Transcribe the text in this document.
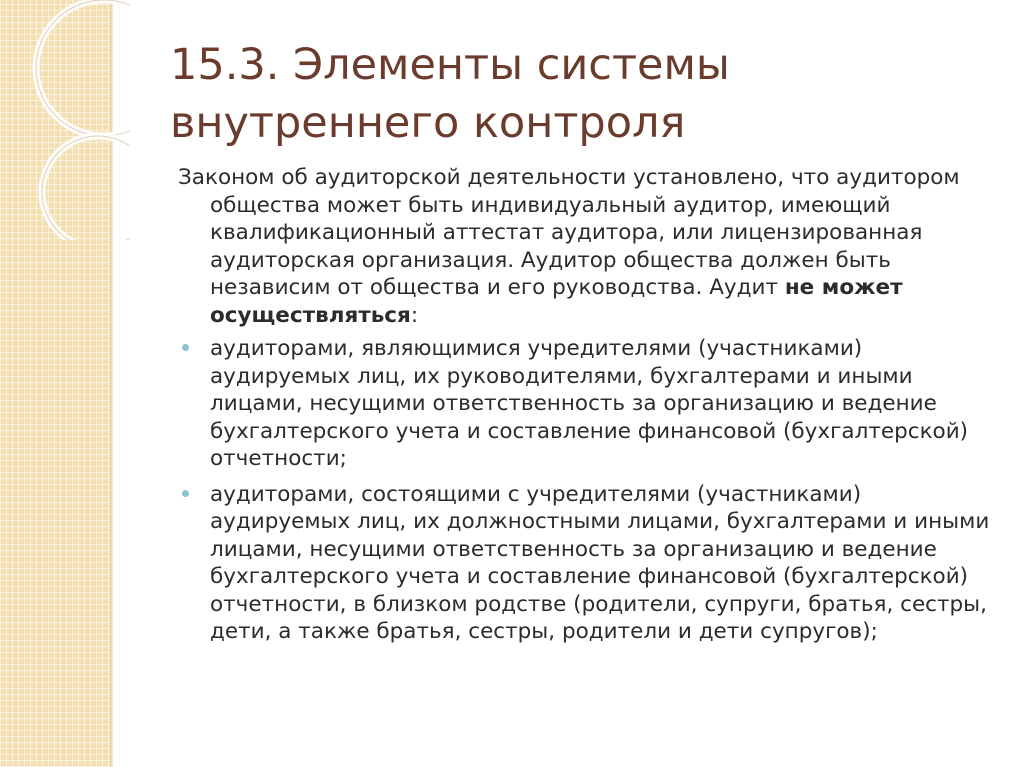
15.3. Элементы системы внутреннего контроля

Законом об аудиторской деятельности установлено, что аудитором общества может быть индивидуальный аудитор, имеющий квалификационный аттестат аудитора, или лицензированная аудиторская организация. Аудитор общества должен быть независим от общества и его руководства. Аудит не может осуществляться:

аудиторами, являющимися учредителями (участниками) аудируемых лиц, их руководителями, бухгалтерами и иными лицами, несущими ответственность за организацию и ведение бухгалтерского учета и составление финансовой (бухгалтерской) отчетности;
аудиторами, состоящими с учредителями (участниками) аудируемых лиц, их должностными лицами, бухгалтерами и иными лицами, несущими ответственность за организацию и ведение бухгалтерского учета и составление финансовой (бухгалтерской) отчетности, в близком родстве (родители, супруги, братья, сестры, дети, а также братья, сестры, родители и дети супругов);
